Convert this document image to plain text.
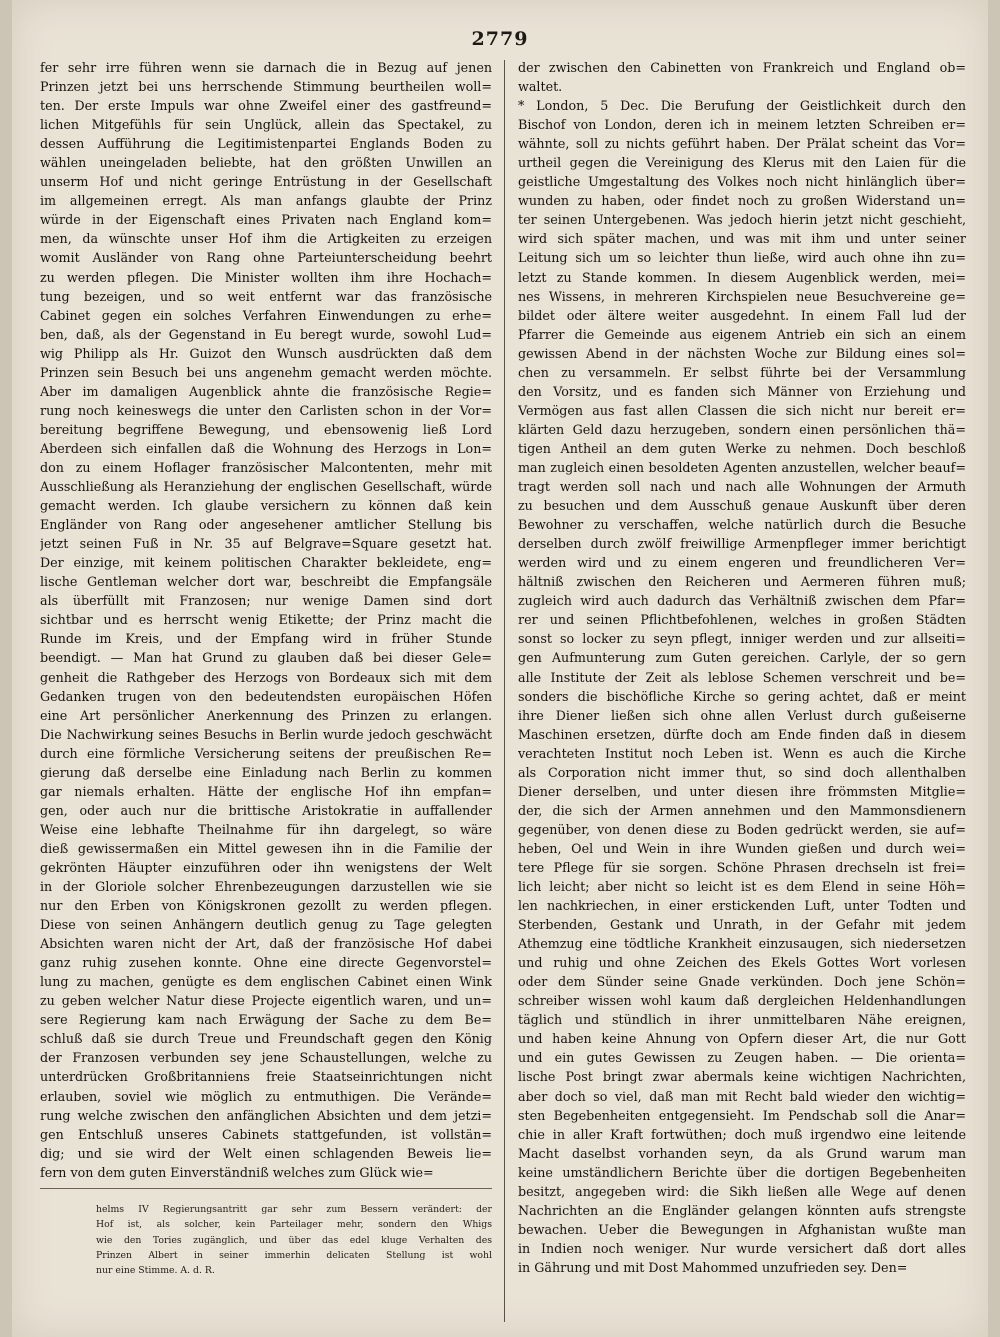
2779
fer sehr irre führen wenn sie darnach die in Bezug auf jenen
Prinzen jetzt bei uns herrschende Stimmung beurtheilen woll=
ten. Der erste Impuls war ohne Zweifel einer des gastfreund=
lichen Mitgefühls für sein Unglück, allein das Spectakel, zu
dessen Aufführung die Legitimistenpartei Englands Boden zu
wählen uneingeladen beliebte, hat den größten Unwillen an
unserm Hof und nicht geringe Entrüstung in der Gesellschaft
im allgemeinen erregt. Als man anfangs glaubte der Prinz
würde in der Eigenschaft eines Privaten nach England kom=
men, da wünschte unser Hof ihm die Artigkeiten zu erzeigen
womit Ausländer von Rang ohne Parteiunterscheidung beehrt
zu werden pflegen. Die Minister wollten ihm ihre Hochach=
tung bezeigen, und so weit entfernt war das französische
Cabinet gegen ein solches Verfahren Einwendungen zu erhe=
ben, daß, als der Gegenstand in Eu beregt wurde, sowohl Lud=
wig Philipp als Hr. Guizot den Wunsch ausdrückten daß dem
Prinzen sein Besuch bei uns angenehm gemacht werden möchte.
Aber im damaligen Augenblick ahnte die französische Regie=
rung noch keineswegs die unter den Carlisten schon in der Vor=
bereitung begriffene Bewegung, und ebensowenig ließ Lord
Aberdeen sich einfallen daß die Wohnung des Herzogs in Lon=
don zu einem Hoflager französischer Malcontenten, mehr mit
Ausschließung als Heranziehung der englischen Gesellschaft, würde
gemacht werden. Ich glaube versichern zu können daß kein
Engländer von Rang oder angesehener amtlicher Stellung bis
jetzt seinen Fuß in Nr. 35 auf Belgrave=Square gesetzt hat.
Der einzige, mit keinem politischen Charakter bekleidete, eng=
lische Gentleman welcher dort war, beschreibt die Empfangsäle
als überfüllt mit Franzosen; nur wenige Damen sind dort
sichtbar und es herrscht wenig Etikette; der Prinz macht die
Runde im Kreis, und der Empfang wird in früher Stunde
beendigt. — Man hat Grund zu glauben daß bei dieser Gele=
genheit die Rathgeber des Herzogs von Bordeaux sich mit dem
Gedanken trugen von den bedeutendsten europäischen Höfen
eine Art persönlicher Anerkennung des Prinzen zu erlangen.
Die Nachwirkung seines Besuchs in Berlin wurde jedoch geschwächt
durch eine förmliche Versicherung seitens der preußischen Re=
gierung daß derselbe eine Einladung nach Berlin zu kommen
gar niemals erhalten. Hätte der englische Hof ihn empfan=
gen, oder auch nur die brittische Aristokratie in auffallender
Weise eine lebhafte Theilnahme für ihn dargelegt, so wäre
dieß gewissermaßen ein Mittel gewesen ihn in die Familie der
gekrönten Häupter einzuführen oder ihn wenigstens der Welt
in der Gloriole solcher Ehrenbezeugungen darzustellen wie sie
nur den Erben von Königskronen gezollt zu werden pflegen.
Diese von seinen Anhängern deutlich genug zu Tage gelegten
Absichten waren nicht der Art, daß der französische Hof dabei
ganz ruhig zusehen konnte. Ohne eine directe Gegenvorstel=
lung zu machen, genügte es dem englischen Cabinet einen Wink
zu geben welcher Natur diese Projecte eigentlich waren, und un=
sere Regierung kam nach Erwägung der Sache zu dem Be=
schluß daß sie durch Treue und Freundschaft gegen den König
der Franzosen verbunden sey jene Schaustellungen, welche zu
unterdrücken Großbritanniens freie Staatseinrichtungen nicht
erlauben, soviel wie möglich zu entmuthigen. Die Verände=
rung welche zwischen den anfänglichen Absichten und dem jetzi=
gen Entschluß unseres Cabinets stattgefunden, ist vollstän=
dig; und sie wird der Welt einen schlagenden Beweis lie=
fern von dem guten Einverständniß welches zum Glück wie=
der zwischen den Cabinetten von Frankreich und England ob=
waltet.
* London, 5 Dec. Die Berufung der Geistlichkeit durch den
Bischof von London, deren ich in meinem letzten Schreiben er=
wähnte, soll zu nichts geführt haben. Der Prälat scheint das Vor=
urtheil gegen die Vereinigung des Klerus mit den Laien für die
geistliche Umgestaltung des Volkes noch nicht hinlänglich über=
wunden zu haben, oder findet noch zu großen Widerstand un=
ter seinen Untergebenen. Was jedoch hierin jetzt nicht geschieht,
wird sich später machen, und was mit ihm und unter seiner
Leitung sich um so leichter thun ließe, wird auch ohne ihn zu=
letzt zu Stande kommen. In diesem Augenblick werden, mei=
nes Wissens, in mehreren Kirchspielen neue Besuchvereine ge=
bildet oder ältere weiter ausgedehnt. In einem Fall lud der
Pfarrer die Gemeinde aus eigenem Antrieb ein sich an einem
gewissen Abend in der nächsten Woche zur Bildung eines sol=
chen zu versammeln. Er selbst führte bei der Versammlung
den Vorsitz, und es fanden sich Männer von Erziehung und
Vermögen aus fast allen Classen die sich nicht nur bereit er=
klärten Geld dazu herzugeben, sondern einen persönlichen thä=
tigen Antheil an dem guten Werke zu nehmen. Doch beschloß
man zugleich einen besoldeten Agenten anzustellen, welcher beauf=
tragt werden soll nach und nach alle Wohnungen der Armuth
zu besuchen und dem Ausschuß genaue Auskunft über deren
Bewohner zu verschaffen, welche natürlich durch die Besuche
derselben durch zwölf freiwillige Armenpfleger immer berichtigt
werden wird und zu einem engeren und freundlicheren Ver=
hältniß zwischen den Reicheren und Aermeren führen muß;
zugleich wird auch dadurch das Verhältniß zwischen dem Pfar=
rer und seinen Pflichtbefohlenen, welches in großen Städten
sonst so locker zu seyn pflegt, inniger werden und zur allseiti=
gen Aufmunterung zum Guten gereichen. Carlyle, der so gern
alle Institute der Zeit als leblose Schemen verschreit und be=
sonders die bischöfliche Kirche so gering achtet, daß er meint
ihre Diener ließen sich ohne allen Verlust durch gußeiserne
Maschinen ersetzen, dürfte doch am Ende finden daß in diesem
verachteten Institut noch Leben ist. Wenn es auch die Kirche
als Corporation nicht immer thut, so sind doch allenthalben
Diener derselben, und unter diesen ihre frömmsten Mitglie=
der, die sich der Armen annehmen und den Mammonsdienern
gegenüber, von denen diese zu Boden gedrückt werden, sie auf=
heben, Oel und Wein in ihre Wunden gießen und durch wei=
tere Pflege für sie sorgen. Schöne Phrasen drechseln ist frei=
lich leicht; aber nicht so leicht ist es dem Elend in seine Höh=
len nachkriechen, in einer erstickenden Luft, unter Todten und
Sterbenden, Gestank und Unrath, in der Gefahr mit jedem
Athemzug eine tödtliche Krankheit einzusaugen, sich niedersetzen
und ruhig und ohne Zeichen des Ekels Gottes Wort vorlesen
oder dem Sünder seine Gnade verkünden. Doch jene Schön=
schreiber wissen wohl kaum daß dergleichen Heldenhandlungen
täglich und stündlich in ihrer unmittelbaren Nähe ereignen,
und haben keine Ahnung von Opfern dieser Art, die nur Gott
und ein gutes Gewissen zu Zeugen haben. — Die orienta=
lische Post bringt zwar abermals keine wichtigen Nachrichten,
aber doch so viel, daß man mit Recht bald wieder den wichtig=
sten Begebenheiten entgegensieht. Im Pendschab soll die Anar=
chie in aller Kraft fortwüthen; doch muß irgendwo eine leitende
Macht daselbst vorhanden seyn, da als Grund warum man
keine umständlichern Berichte über die dortigen Begebenheiten
besitzt, angegeben wird: die Sikh ließen alle Wege auf denen
Nachrichten an die Engländer gelangen könnten aufs strengste
bewachen. Ueber die Bewegungen in Afghanistan wußte man
in Indien noch weniger. Nur wurde versichert daß dort alles
in Gährung und mit Dost Mahommed unzufrieden sey. Den=
helms IV Regierungsantritt gar sehr zum Bessern verändert: der
Hof ist, als solcher, kein Parteilager mehr, sondern den Whigs
wie den Tories zugänglich, und über das edel kluge Verhalten des
Prinzen Albert in seiner immerhin delicaten Stellung ist wohl
nur eine Stimme. A. d. R.
